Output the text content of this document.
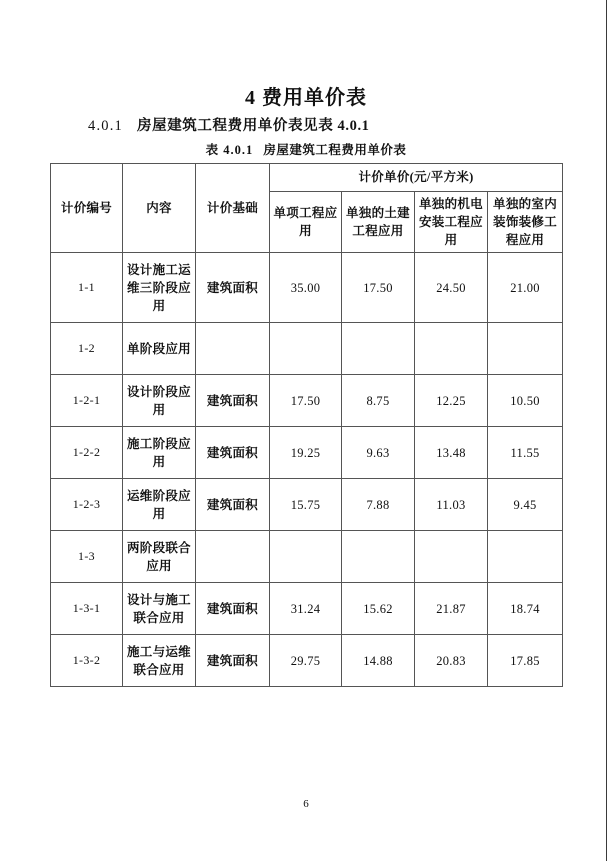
4 费用单价表
4.0.1 房屋建筑工程费用单价表见表 4.0.1
表 4.0.1 房屋建筑工程费用单价表
计价编号	内容	计价基础	计价单价(元/平方米)			
			单项工程应用	单独的土建工程应用	单独的机电安装工程应用	单独的室内装饰装修工程应用
1-1	设计施工运维三阶段应用	建筑面积	35.00	17.50	24.50	21.00
1-2	单阶段应用					
1-2-1	设计阶段应用	建筑面积	17.50	8.75	12.25	10.50
1-2-2	施工阶段应用	建筑面积	19.25	9.63	13.48	11.55
1-2-3	运维阶段应用	建筑面积	15.75	7.88	11.03	9.45
1-3	两阶段联合应用					
1-3-1	设计与施工联合应用	建筑面积	31.24	15.62	21.87	18.74
1-3-2	施工与运维联合应用	建筑面积	29.75	14.88	20.83	17.85
6
